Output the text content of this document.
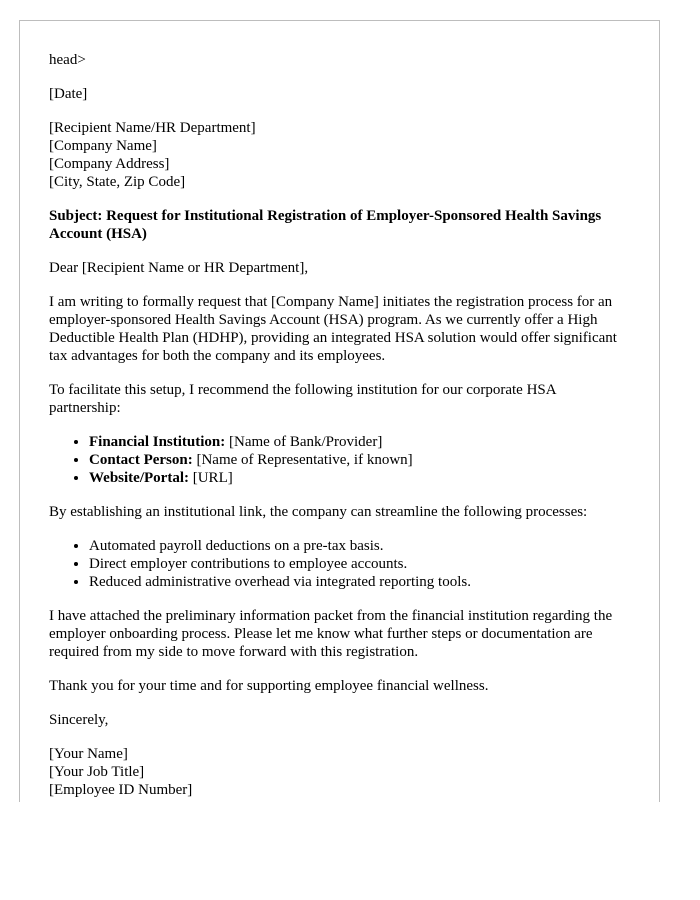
head>

[Date]

[Recipient Name/HR Department]
[Company Name]
[Company Address]
[City, State, Zip Code]

Subject: Request for Institutional Registration of Employer-Sponsored Health Savings Account (HSA)

Dear [Recipient Name or HR Department],

I am writing to formally request that [Company Name] initiates the registration process for an employer-sponsored Health Savings Account (HSA) program. As we currently offer a High Deductible Health Plan (HDHP), providing an integrated HSA solution would offer significant tax advantages for both the company and its employees.

To facilitate this setup, I recommend the following institution for our corporate HSA partnership:

• Financial Institution: [Name of Bank/Provider]
• Contact Person: [Name of Representative, if known]
• Website/Portal: [URL]

By establishing an institutional link, the company can streamline the following processes:

• Automated payroll deductions on a pre-tax basis.
• Direct employer contributions to employee accounts.
• Reduced administrative overhead via integrated reporting tools.

I have attached the preliminary information packet from the financial institution regarding the employer onboarding process. Please let me know what further steps or documentation are required from my side to move forward with this registration.

Thank you for your time and for supporting employee financial wellness.

Sincerely,

[Your Name]
[Your Job Title]
[Employee ID Number]
